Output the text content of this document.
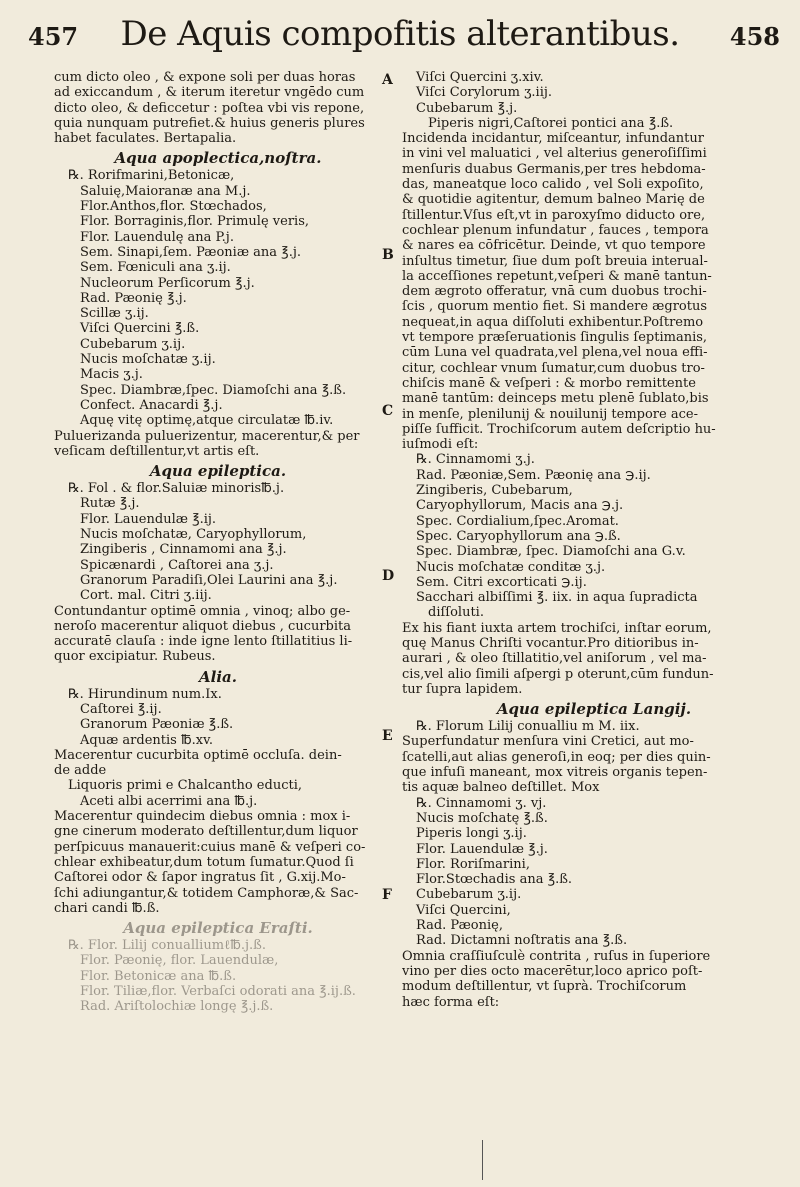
457	De Aquis compofitis alterantibus.	458
cum dicto oleo , & expone soli per duas horas
ad exiccandum , & iterum iteretur vngēdo cum
dicto oleo, & deficcetur : poſtea vbi vis repone,
quia nunquam putrefiet.& huius generis plures
habet faculates. Bertapalia.
Aqua apoplectica,noſtra.
℞. Rorifmarini,Betonicæ,
Saluię,Maioranæ ana M.j.
Flor.Anthos,flor. Stœchados,
Flor. Borraginis,flor. Primulę veris,
Flor. Lauendulę ana P.j.
Sem. Sinapi,ſem. Pæoniæ ana ℥.j.
Sem. Fœniculi ana ʒ.ij.
Nucleorum Perſicorum ℥.j.
Rad. Pæonię ℥.j.
Scillæ ʒ.ij.
Viſci Quercini ℥.ß.
Cubebarum ʒ.ij.
Nucis moſchatæ ʒ.ij.
Macis ʒ.j.
Spec. Diambræ,ſpec. Diamoſchi ana ℥.ß.
Confect. Anacardi ℥.j.
Aquę vitę optimę,atque circulatæ ℔.iv.
Puluerizanda puluerizentur, macerentur,& per
veſicam deſtillentur,vt artis eſt.
Aqua epileptica.
℞. Fol . & flor.Saluiæ minoris℔.j.
Rutæ ℥.j.
Flor. Lauendulæ ℥.ij.
Nucis moſchatæ, Caryophyllorum,
Zingiberis , Cinnamomi ana ℥.j.
Spicænardi , Caſtorei ana ʒ.j.
Granorum Paradiſi,Olei Laurini ana ℥.j.
Cort. mal. Citri ʒ.iij.
Contundantur optimē omnia , vinoq; albo ge-
neroſo macerentur aliquot diebus , cucurbita
accuratē clauſa : inde igne lento ſtillatitius li-
quor excipiatur. Rubeus.
Alia.
℞. Hirundinum num.Ix.
Caſtorei ℥.ij.
Granorum Pæoniæ ℥.ß.
Aquæ ardentis ℔.xv.
Macerentur cucurbita optimē occluſa. dein-
de adde
Liquoris primi e Chalcantho educti,
Aceti albi acerrimi ana ℔.j.
Macerentur quindecim diebus omnia : mox i-
gne cinerum moderato deſtillentur,dum liquor
perſpicuus manauerit:cuius manē & veſperi co-
chlear exhibeatur,dum totum ſumatur.Quod ſi
Caſtorei odor & ſapor ingratus ſit , G.xij.Mo-
ſchi adiungantur,& totidem Camphoræ,& Sac-
chari candi ℔.ß.
Aqua epileptica Eraſti.
℞. Flor. Lilij conualliumℓ℔.j.ß.
Flor. Pæonię, flor. Lauendulæ,
Flor. Betonicæ ana ℔.ß.
Flor. Tiliæ,flor. Verbaſci odorati ana ℥.ij.ß.
Rad. Ariſtolochiæ longę ℥.j.ß.
Viſci Quercini ʒ.xiv.
Viſci Corylorum ʒ.iij.
Cubebarum ℥.j.
Piperis nigri,Caſtorei pontici ana ℥.ß.
Incidenda incidantur, miſceantur, infundantur
in vini vel maluatici , vel alterius generoſiſſimi
menſuris duabus Germanis,per tres hebdoma-
das, maneatque loco calido , vel Soli expoſito,
& quotidie agitentur, demum balneo Marię de
ſtillentur.Vſus eſt,vt in paroxyſmo diducto ore,
cochlear plenum infundatur , fauces , tempora
& nares ea cōfricētur. Deinde, vt quo tempore
inſultus timetur, ſiue dum poſt breuia interual-
la acceſſiones repetunt,veſperi & manē tantun-
dem ægroto offeratur, vnā cum duobus trochi-
ſcis , quorum mentio fiet. Si mandere ægrotus
nequeat,in aqua diſſoluti exhibentur.Poſtremo
vt tempore præſeruationis ſingulis ſeptimanis,
cūm Luna vel quadrata,vel plena,vel noua effi-
citur, cochlear vnum ſumatur,cum duobus tro-
chiſcis manē & veſperi : & morbo remittente
manē tantūm: deinceps metu plenē ſublato,bis
in menſe, plenilunij & nouilunij tempore ace-
piſſe ſufficit. Trochiſcorum autem deſcriptio hu-
iuſmodi eſt:
℞. Cinnamomi ʒ.j.
Rad. Pæoniæ,Sem. Pæonię ana ℈.ij.
Zingiberis, Cubebarum,
Caryophyllorum, Macis ana ℈.j.
Spec. Cordialium,ſpec.Aromat.
Spec. Caryophyllorum ana ℈.ß.
Spec. Diambræ, ſpec. Diamoſchi ana G.v.
Nucis moſchatæ conditæ ʒ.j.
Sem. Citri excorticati ℈.ij.
Sacchari albiſſimi ℥. iix. in aqua ſupradicta
diſſoluti.
Ex his fiant iuxta artem trochiſci, inſtar eorum,
quę Manus Chriſti vocantur.Pro ditioribus in-
aurari , & oleo ſtillatitio,vel aniſorum , vel ma-
cis,vel alio ſimili aſpergi p oterunt,cūm fundun-
tur ſupra lapidem.
Aqua epileptica Langij.
℞. Florum Lilij conualliu m M. iix.
Superfundatur menſura vini Cretici, aut mo-
ſcatelli,aut alias generoſi,in eoq; per dies quin-
que infuſi maneant, mox vitreis organis tepen-
tis aquæ balneo deſtillet. Mox
℞. Cinnamomi ʒ. vj.
Nucis moſchatę ℥.ß.
Piperis longi ʒ.ij.
Flor. Lauendulæ ℥.j.
Flor. Roriſmarini,
Flor.Stœchadis ana ℥.ß.
Cubebarum ʒ.ij.
Viſci Quercini,
Rad. Pæonię,
Rad. Dictamni noſtratis ana ℥.ß.
Omnia craſſiuſculè contrita , ruſus in ſuperiore
vino per dies octo macerētur,loco aprico poſt-
modum deſtillentur, vt ſuprà. Trochiſcorum
hæc forma eſt:
A
B
C
D
E
F
